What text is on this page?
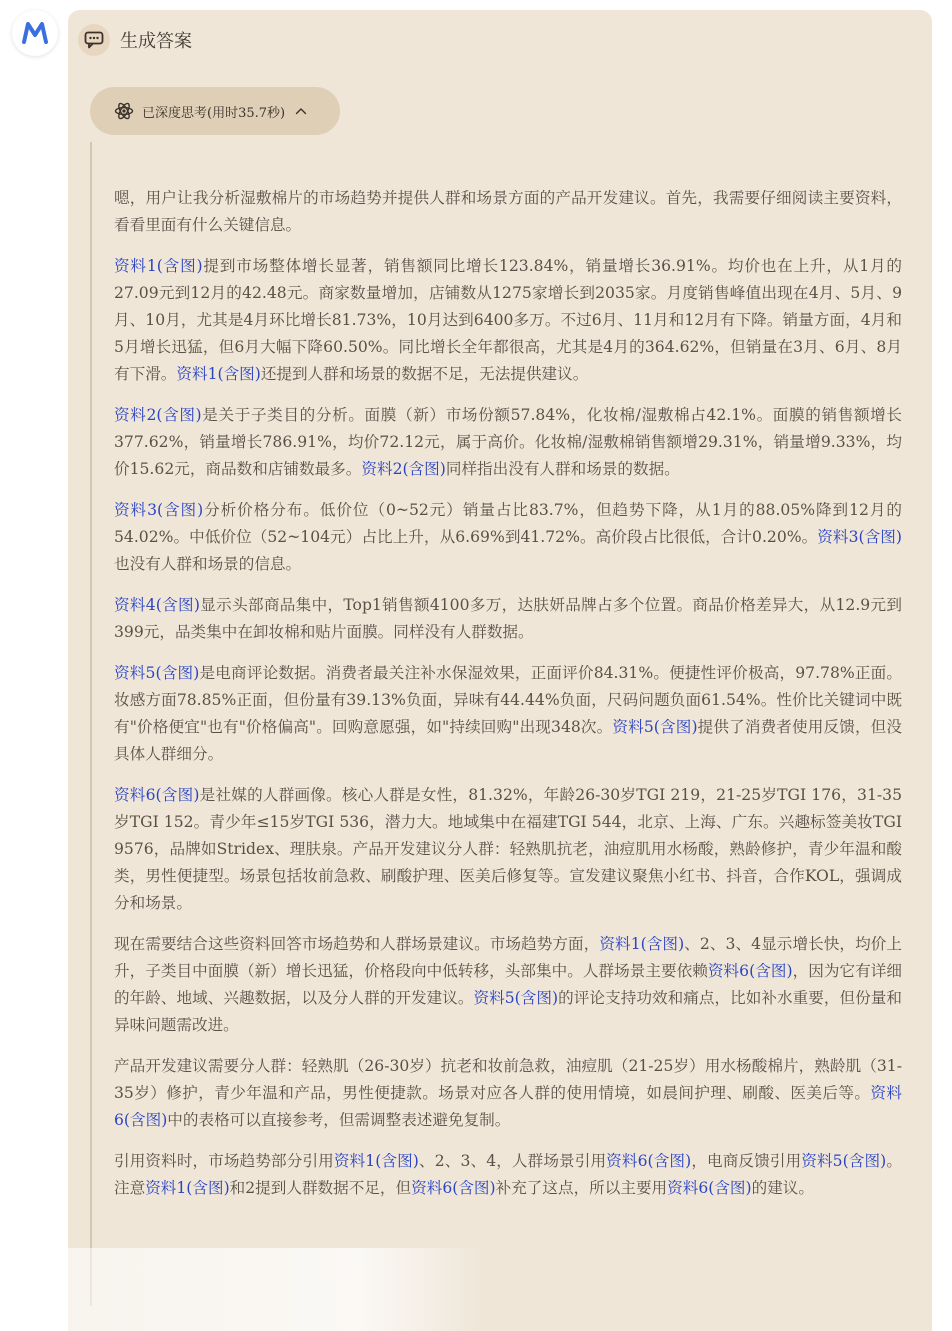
生成答案
已深度思考(用时35.7秒)

嗯，用户让我分析湿敷棉片的市场趋势并提供人群和场景方面的产品开发建议。首先，我需要仔细阅读主要资料，看看里面有什么关键信息。

资料1(含图)提到市场整体增长显著，销售额同比增长123.84%，销量增长36.91%。均价也在上升，从1月的27.09元到12月的42.48元。商家数量增加，店铺数从1275家增长到2035家。月度销售峰值出现在4月、5月、9月、10月，尤其是4月环比增长81.73%，10月达到6400多万。不过6月、11月和12月有下降。销量方面，4月和5月增长迅猛，但6月大幅下降60.50%。同比增长全年都很高，尤其是4月的364.62%，但销量在3月、6月、8月有下滑。资料1(含图)还提到人群和场景的数据不足，无法提供建议。

资料2(含图)是关于子类目的分析。面膜（新）市场份额57.84%，化妆棉/湿敷棉占42.1%。面膜的销售额增长377.62%，销量增长786.91%，均价72.12元，属于高价。化妆棉/湿敷棉销售额增29.31%，销量增9.33%，均价15.62元，商品数和店铺数最多。资料2(含图)同样指出没有人群和场景的数据。

资料3(含图)分析价格分布。低价位（0~52元）销量占比83.7%，但趋势下降，从1月的88.05%降到12月的54.02%。中低价位（52~104元）占比上升，从6.69%到41.72%。高价段占比很低，合计0.20%。资料3(含图)也没有人群和场景的信息。

资料4(含图)显示头部商品集中，Top1销售额4100多万，达肤妍品牌占多个位置。商品价格差异大，从12.9元到399元，品类集中在卸妆棉和贴片面膜。同样没有人群数据。

资料5(含图)是电商评论数据。消费者最关注补水保湿效果，正面评价84.31%。便捷性评价极高，97.78%正面。妆感方面78.85%正面，但份量有39.13%负面，异味有44.44%负面，尺码问题负面61.54%。性价比关键词中既有"价格便宜"也有"价格偏高"。回购意愿强，如"持续回购"出现348次。资料5(含图)提供了消费者使用反馈，但没具体人群细分。

资料6(含图)是社媒的人群画像。核心人群是女性，81.32%，年龄26-30岁TGI 219，21-25岁TGI 176，31-35岁TGI 152。青少年≤15岁TGI 536，潜力大。地域集中在福建TGI 544，北京、上海、广东。兴趣标签美妆TGI 9576，品牌如Stridex、理肤泉。产品开发建议分人群：轻熟肌抗老，油痘肌用水杨酸，熟龄修护，青少年温和酸类，男性便捷型。场景包括妆前急救、刷酸护理、医美后修复等。宣发建议聚焦小红书、抖音，合作KOL，强调成分和场景。

现在需要结合这些资料回答市场趋势和人群场景建议。市场趋势方面，资料1(含图)、2、3、4显示增长快，均价上升，子类目中面膜（新）增长迅猛，价格段向中低转移，头部集中。人群场景主要依赖资料6(含图)，因为它有详细的年龄、地域、兴趣数据，以及分人群的开发建议。资料5(含图)的评论支持功效和痛点，比如补水重要，但份量和异味问题需改进。

产品开发建议需要分人群：轻熟肌（26-30岁）抗老和妆前急救，油痘肌（21-25岁）用水杨酸棉片，熟龄肌（31-35岁）修护，青少年温和产品，男性便捷款。场景对应各人群的使用情境，如晨间护理、刷酸、医美后等。资料6(含图)中的表格可以直接参考，但需调整表述避免复制。

引用资料时，市场趋势部分引用资料1(含图)、2、3、4，人群场景引用资料6(含图)，电商反馈引用资料5(含图)。注意资料1(含图)和2提到人群数据不足，但资料6(含图)补充了这点，所以主要用资料6(含图)的建议。
